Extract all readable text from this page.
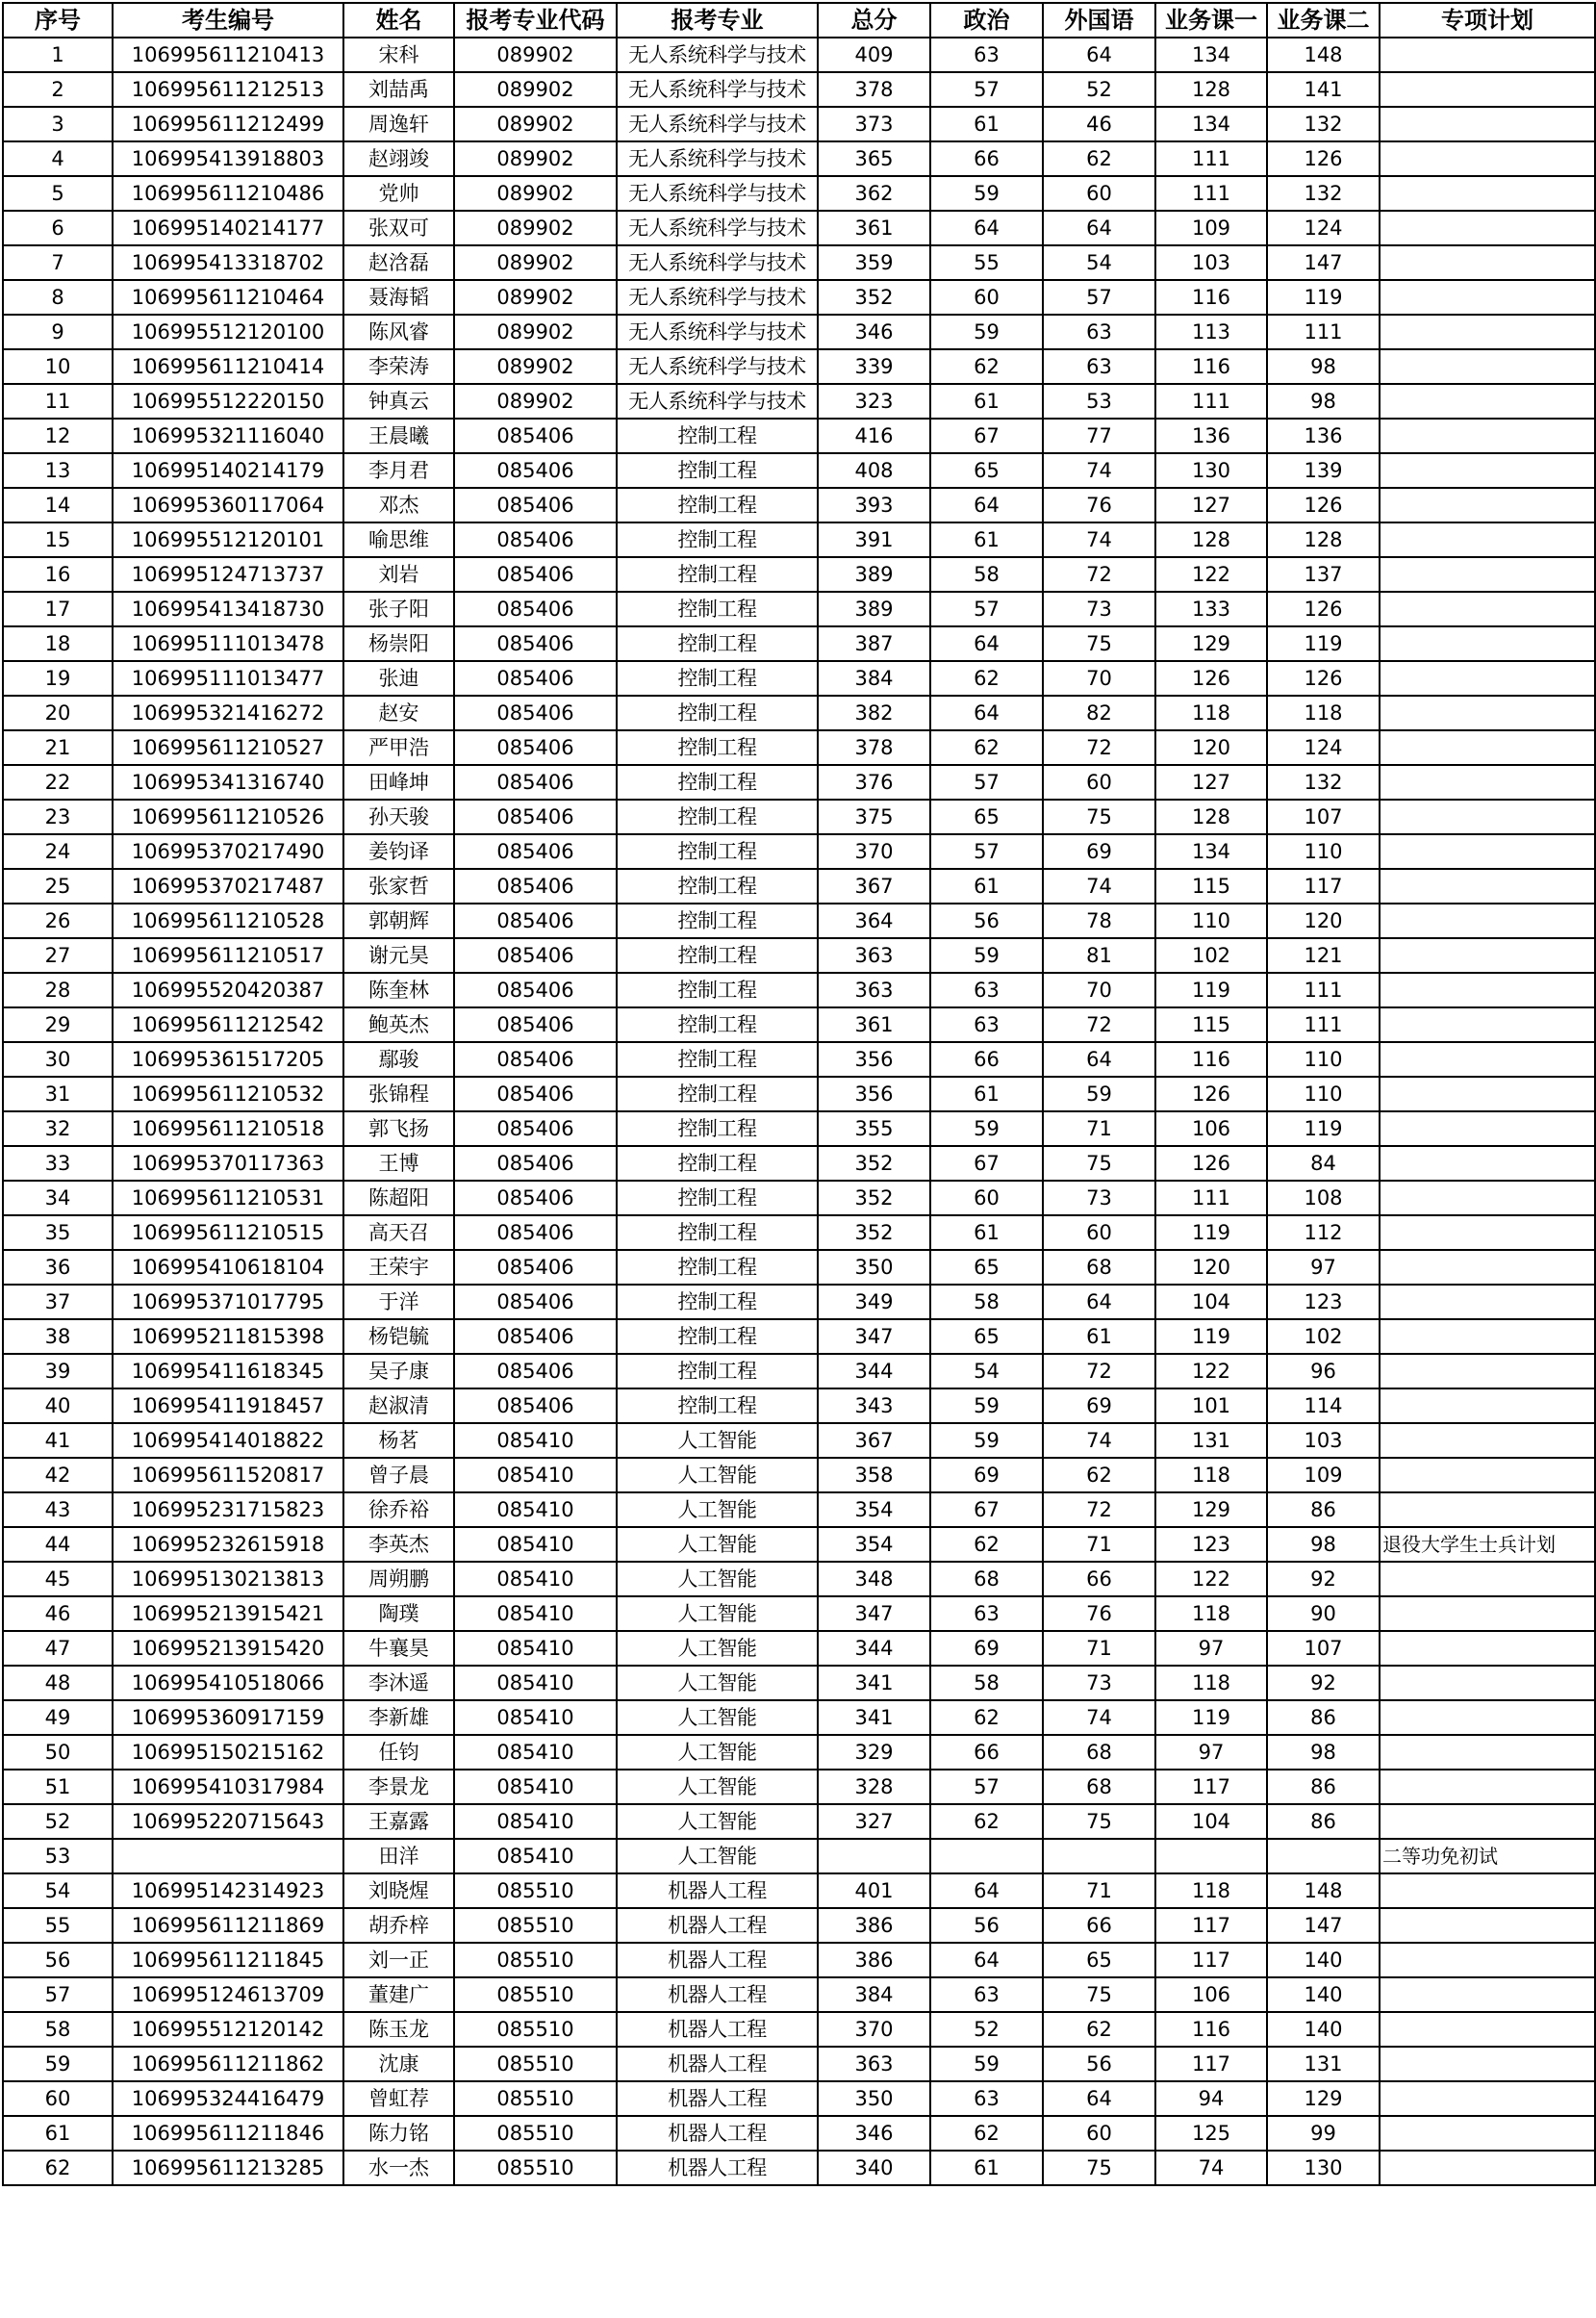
序号	考生编号	姓名	报考专业代码	报考专业	总分	政治	外国语	业务课一	业务课二	专项计划
1	106995611210413	宋科	089902	无人系统科学与技术	409	63	64	134	148	
2	106995611212513	刘喆禹	089902	无人系统科学与技术	378	57	52	128	141	
3	106995611212499	周逸轩	089902	无人系统科学与技术	373	61	46	134	132	
4	106995413918803	赵翊竣	089902	无人系统科学与技术	365	66	62	111	126	
5	106995611210486	党帅	089902	无人系统科学与技术	362	59	60	111	132	
6	106995140214177	张双可	089902	无人系统科学与技术	361	64	64	109	124	
7	106995413318702	赵浛磊	089902	无人系统科学与技术	359	55	54	103	147	
8	106995611210464	聂海韬	089902	无人系统科学与技术	352	60	57	116	119	
9	106995512120100	陈风睿	089902	无人系统科学与技术	346	59	63	113	111	
10	106995611210414	李荣涛	089902	无人系统科学与技术	339	62	63	116	98	
11	106995512220150	钟真云	089902	无人系统科学与技术	323	61	53	111	98	
12	106995321116040	王晨曦	085406	控制工程	416	67	77	136	136	
13	106995140214179	李月君	085406	控制工程	408	65	74	130	139	
14	106995360117064	邓杰	085406	控制工程	393	64	76	127	126	
15	106995512120101	喻思维	085406	控制工程	391	61	74	128	128	
16	106995124713737	刘岩	085406	控制工程	389	58	72	122	137	
17	106995413418730	张子阳	085406	控制工程	389	57	73	133	126	
18	106995111013478	杨崇阳	085406	控制工程	387	64	75	129	119	
19	106995111013477	张迪	085406	控制工程	384	62	70	126	126	
20	106995321416272	赵安	085406	控制工程	382	64	82	118	118	
21	106995611210527	严甲浩	085406	控制工程	378	62	72	120	124	
22	106995341316740	田峰坤	085406	控制工程	376	57	60	127	132	
23	106995611210526	孙天骏	085406	控制工程	375	65	75	128	107	
24	106995370217490	姜钧译	085406	控制工程	370	57	69	134	110	
25	106995370217487	张家哲	085406	控制工程	367	61	74	115	117	
26	106995611210528	郭朝辉	085406	控制工程	364	56	78	110	120	
27	106995611210517	谢元昊	085406	控制工程	363	59	81	102	121	
28	106995520420387	陈奎林	085406	控制工程	363	63	70	119	111	
29	106995611212542	鲍英杰	085406	控制工程	361	63	72	115	111	
30	106995361517205	鄢骏	085406	控制工程	356	66	64	116	110	
31	106995611210532	张锦程	085406	控制工程	356	61	59	126	110	
32	106995611210518	郭飞扬	085406	控制工程	355	59	71	106	119	
33	106995370117363	王博	085406	控制工程	352	67	75	126	84	
34	106995611210531	陈超阳	085406	控制工程	352	60	73	111	108	
35	106995611210515	高天召	085406	控制工程	352	61	60	119	112	
36	106995410618104	王荣宇	085406	控制工程	350	65	68	120	97	
37	106995371017795	于洋	085406	控制工程	349	58	64	104	123	
38	106995211815398	杨铠毓	085406	控制工程	347	65	61	119	102	
39	106995411618345	吴子康	085406	控制工程	344	54	72	122	96	
40	106995411918457	赵淑清	085406	控制工程	343	59	69	101	114	
41	106995414018822	杨茗	085410	人工智能	367	59	74	131	103	
42	106995611520817	曾子晨	085410	人工智能	358	69	62	118	109	
43	106995231715823	徐乔裕	085410	人工智能	354	67	72	129	86	
44	106995232615918	李英杰	085410	人工智能	354	62	71	123	98	退役大学生士兵计划
45	106995130213813	周朔鹏	085410	人工智能	348	68	66	122	92	
46	106995213915421	陶璞	085410	人工智能	347	63	76	118	90	
47	106995213915420	牛襄昊	085410	人工智能	344	69	71	97	107	
48	106995410518066	李沐遥	085410	人工智能	341	58	73	118	92	
49	106995360917159	李新雄	085410	人工智能	341	62	74	119	86	
50	106995150215162	任钧	085410	人工智能	329	66	68	97	98	
51	106995410317984	李景龙	085410	人工智能	328	57	68	117	86	
52	106995220715643	王嘉露	085410	人工智能	327	62	75	104	86	
53		田洋	085410	人工智能						二等功免初试
54	106995142314923	刘晓煋	085510	机器人工程	401	64	71	118	148	
55	106995611211869	胡乔梓	085510	机器人工程	386	56	66	117	147	
56	106995611211845	刘一正	085510	机器人工程	386	64	65	117	140	
57	106995124613709	董建广	085510	机器人工程	384	63	75	106	140	
58	106995512120142	陈玉龙	085510	机器人工程	370	52	62	116	140	
59	106995611211862	沈康	085510	机器人工程	363	59	56	117	131	
60	106995324416479	曾虹荐	085510	机器人工程	350	63	64	94	129	
61	106995611211846	陈力铭	085510	机器人工程	346	62	60	125	99	
62	106995611213285	水一杰	085510	机器人工程	340	61	75	74	130	
